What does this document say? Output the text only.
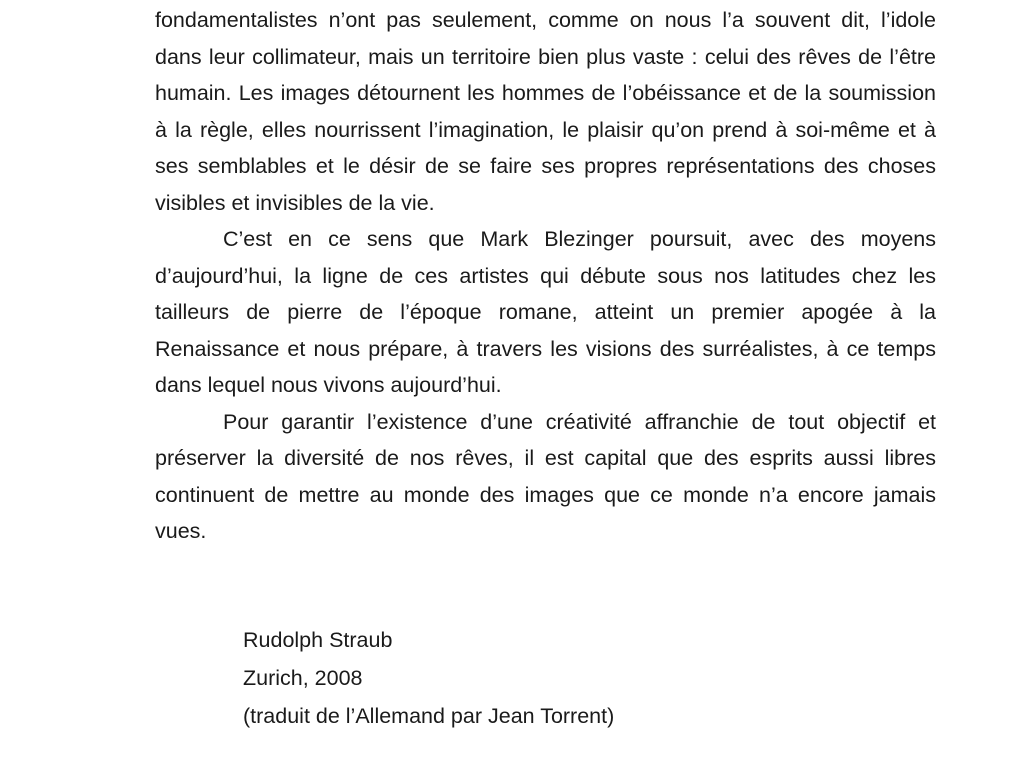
fondamentalistes n’ont pas seulement, comme on nous l’a souvent dit, l’idole dans leur collimateur, mais un territoire bien plus vaste : celui des rêves de l’être humain. Les images détournent les hommes de l’obéissance et de la soumission à la règle, elles nourrissent l’imagination, le plaisir qu’on prend à soi-même et à ses semblables et le désir de se faire ses propres représentations des choses visibles et invisibles de la vie.

C’est en ce sens que Mark Blezinger poursuit, avec des moyens d’aujourd’hui, la ligne de ces artistes qui débute sous nos latitudes chez les tailleurs de pierre de l’époque romane, atteint un premier apogée à la Renaissance et nous prépare, à travers les visions des surréalistes, à ce temps dans lequel nous vivons aujourd’hui.

Pour garantir l’existence d’une créativité affranchie de tout objectif et préserver la diversité de nos rêves, il est capital que des esprits aussi libres continuent de mettre au monde des images que ce monde n’a encore jamais vues.

Rudolph Straub
Zurich, 2008
(traduit de l’Allemand par Jean Torrent)
